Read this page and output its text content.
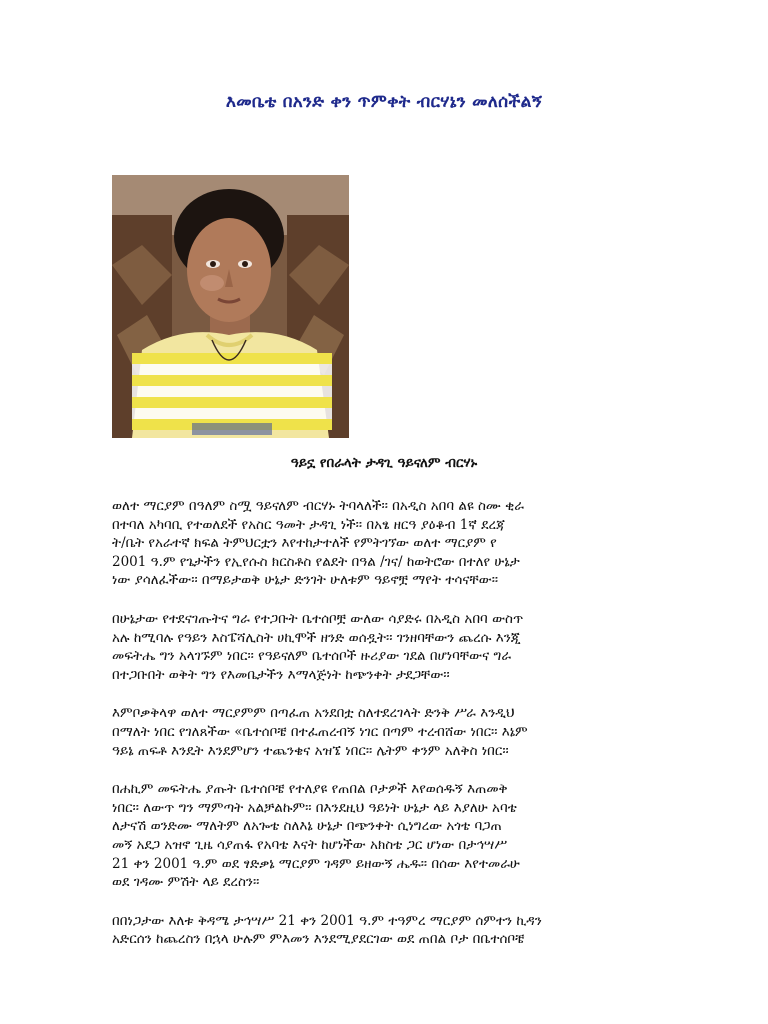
እመቤቴ በአንድ ቀን ጥምቀት ብርሃኔን መለሰችልኝ
ዓይኗ የበራላት ታዳጊ ዓይናለም ብርሃኑ

ወለተ ማርያም በዓለም ስሟ ዓይናለም ብርሃኑ ትባላለች፡፡ በአዲስ አበባ ልዩ ስሙ ቂራ
በተባለ አካባቢ የተወለደች የአስር ዓመት ታዳጊ ነች፡፡ በአፄ ዘርዓ ያዕቆብ 1ኛ ደረጃ
ት/ቤት የአራተኛ ክፍል ትምህርቷን እየተከታተለች የምትገኘው ወለተ ማርያም የ
2001 ዓ.ም የጌታችን የኢየሱስ ክርስቶስ የልደት በዓል /ገና/ ከወትሮው በተለየ ሁኔታ
ነው ያሳለፈችው፡፡ በማይታወቅ ሁኔታ ድንገት ሁለቱም ዓይኖቿ ማየት ተሳናቸው፡፡

በሁኔታው የተደናገጡትና ግራ የተጋቡት ቤተሰቦቿ ውለው ሳያድሩ በአዲስ አበባ ውስጥ
አሉ ከሚባሉ የዓይን እስፔሻሊስት ሀኪሞች ዘንድ ወሰዷት፡፡ ገንዘባቸውን ጨረሱ እንጂ
መፍትሔ ግን አላገኙም ነበር፡፡ የዓይናለም ቤተሰቦች ዙሪያው ገደል በሆነባቸውና ግራ
በተጋቡበት ወቅት ግን የእመቤታችን እማላጅነት ከጭንቀት ታደጋቸው፡፡

እምቦቃቅላዋ ወለተ ማርያምም በጣፈጠ አንደበቷ ስለተደረገላት ድንቅ ሥራ እንዲህ
በማለት ነበር የገለጸችው «ቤተሰቦቼ በተፈጠረብኝ ነገር በጣም ተረብሸው ነበር፡፡ እኔም
ዓይኔ ጠፍቶ እንዴት እንደምሆን ተጨንቄና አዝኜ ነበር፡፡ ሌትም ቀንም አለቅስ ነበር፡፡

በሐኪም መፍትሔ ያጡት ቤተሰቦቼ የተለያዩ የጠበል ቦታዎች እየወሰዱኝ እጠመቅ
ነበር፡፡ ለውጥ ግን ማምጣት አልቻልኩም፡፡ በእንደዚህ ዓይነት ሁኔታ ላይ እያለሁ አባቴ
ለታናሽ ወንድሙ ማለትም ለአጐቴ ስለእኔ ሁኔታ በጭንቀት ሲነግረው አጎቴ ባጋጠ
መኝ አደጋ አዝኖ ጊዜ ሳያጠፋ የአባቴ እናት ከሆነችው አክስቴ ጋር ሆነው በታኅሣሥ
21 ቀን 2001 ዓ.ም ወደ ፃድቃኔ ማርያም ገዳም ይዘውኝ ሔዱ፡፡ በሰው እየተመራሁ
ወደ ገዳሙ ምሽት ላይ ደረስን፡፡

በበነጋታው እለቱ ቅዳሜ ታኅሣሥ 21 ቀን 2001 ዓ.ም ተዓምረ ማርያም ሰምተን ኪዳን
አድርሰን ከጨረስን በኋላ ሁሉም ምእመን እንደሚያደርገው ወደ ጠበል ቦታ በቤተሰቦቼ
